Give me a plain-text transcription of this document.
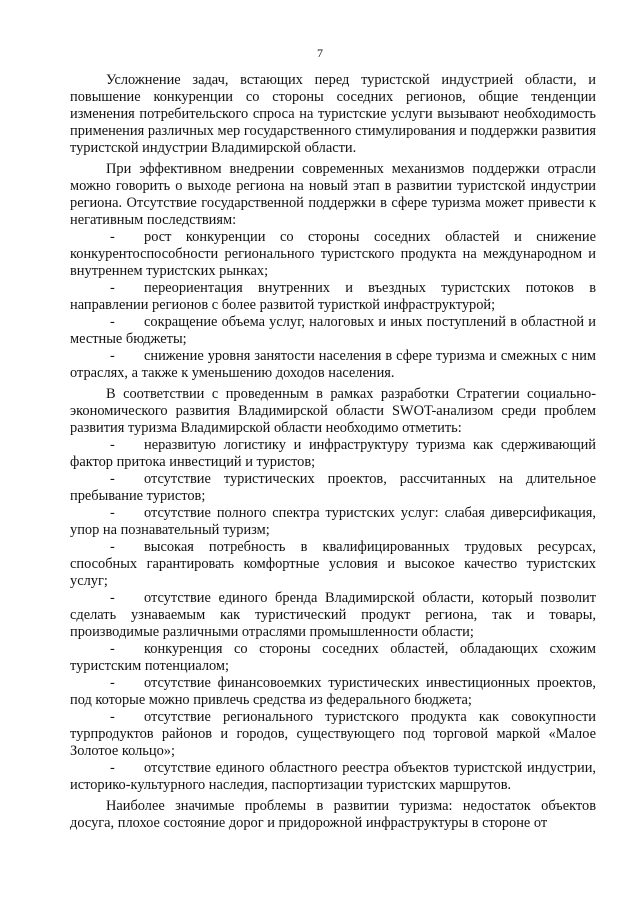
7

Усложнение задач, встающих перед туристской индустрией области, и повышение конкуренции со стороны соседних регионов, общие тенденции изменения потребительского спроса на туристские услуги вызывают необходимость применения различных мер государственного стимулирования и поддержки развития туристской индустрии Владимирской области.

При эффективном внедрении современных механизмов поддержки отрасли можно говорить о выходе региона на новый этап в развитии туристской индустрии региона. Отсутствие государственной поддержки в сфере туризма может привести к негативным последствиям:

- рост конкуренции со стороны соседних областей и снижение конкурентоспособности регионального туристского продукта на международном и внутреннем туристских рынках;
- переориентация внутренних и въездных туристских потоков в направлении регионов с более развитой туристкой инфраструктурой;
- сокращение объема услуг, налоговых и иных поступлений в областной и местные бюджеты;
- снижение уровня занятости населения в сфере туризма и смежных с ним отраслях, а также к уменьшению доходов населения.

В соответствии с проведенным в рамках разработки Стратегии социально-экономического развития Владимирской области SWOT-анализом среди проблем развития туризма Владимирской области необходимо отметить:

- неразвитую логистику и инфраструктуру туризма как сдерживающий фактор притока инвестиций и туристов;
- отсутствие туристических проектов, рассчитанных на длительное пребывание туристов;
- отсутствие полного спектра туристских услуг: слабая диверсификация, упор на познавательный туризм;
- высокая потребность в квалифицированных трудовых ресурсах, способных гарантировать комфортные условия и высокое качество туристских услуг;
- отсутствие единого бренда Владимирской области, который позволит сделать узнаваемым как туристический продукт региона, так и товары, производимые различными отраслями промышленности области;
- конкуренция со стороны соседних областей, обладающих схожим туристским потенциалом;
- отсутствие финансовоемких туристических инвестиционных проектов, под которые можно привлечь средства из федерального бюджета;
- отсутствие регионального туристского продукта как совокупности турпродуктов районов и городов, существующего под торговой маркой «Малое Золотое кольцо»;
- отсутствие единого областного реестра объектов туристской индустрии, историко-культурного наследия, паспортизации туристских маршрутов.

Наиболее значимые проблемы в развитии туризма: недостаток объектов досуга, плохое состояние дорог и придорожной инфраструктуры в стороне от
